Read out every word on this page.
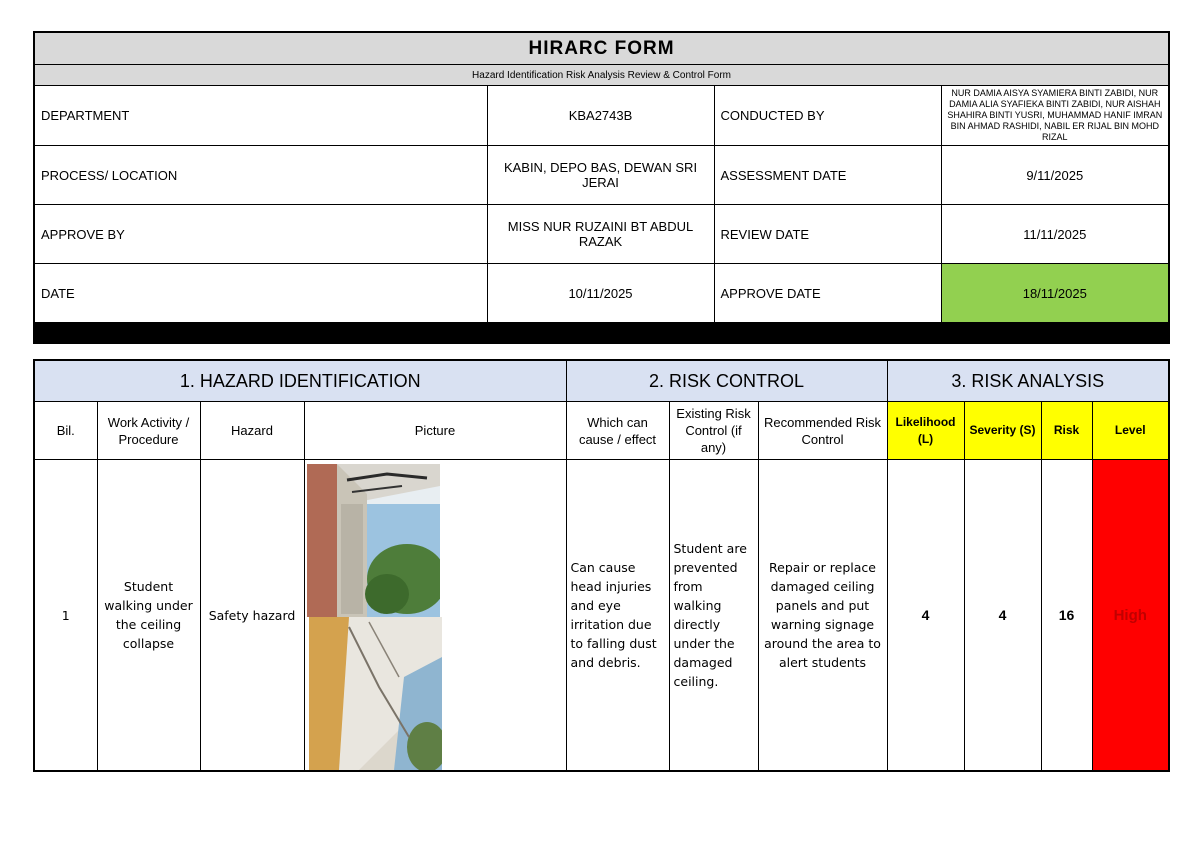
HIRARC FORM			
Hazard Identification Risk Analysis Review & Control Form			
DEPARTMENT	KBA2743B	CONDUCTED BY	NUR DAMIA AISYA SYAMIERA BINTI ZABIDI, NUR DAMIA ALIA SYAFIEKA BINTI ZABIDI, NUR AISHAH SHAHIRA BINTI YUSRI, MUHAMMAD HANIF IMRAN BIN AHMAD RASHIDI, NABIL ER RIJAL BIN MOHD RIZAL
PROCESS/ LOCATION	KABIN, DEPO BAS, DEWAN SRI JERAI	ASSESSMENT DATE	9/11/2025
APPROVE BY	MISS NUR RUZAINI BT ABDUL RAZAK	REVIEW DATE	11/11/2025
DATE	10/11/2025	APPROVE DATE	18/11/2025

1. HAZARD IDENTIFICATION				2. RISK CONTROL			3. RISK ANALYSIS			
Bil.	Work Activity / Procedure	Hazard	Picture	Which can cause / effect	Existing Risk Control (if any)	Recommended Risk Control	Likelihood (L)	Severity (S)	Risk	Level
1	Student walking under the ceiling collapse	Safety hazard		Can cause head injuries and eye irritation due to falling dust and debris.	Student are prevented from walking directly under the damaged ceiling.	Repair or replace damaged ceiling panels and put warning signage around the area to alert students	4	4	16	High
